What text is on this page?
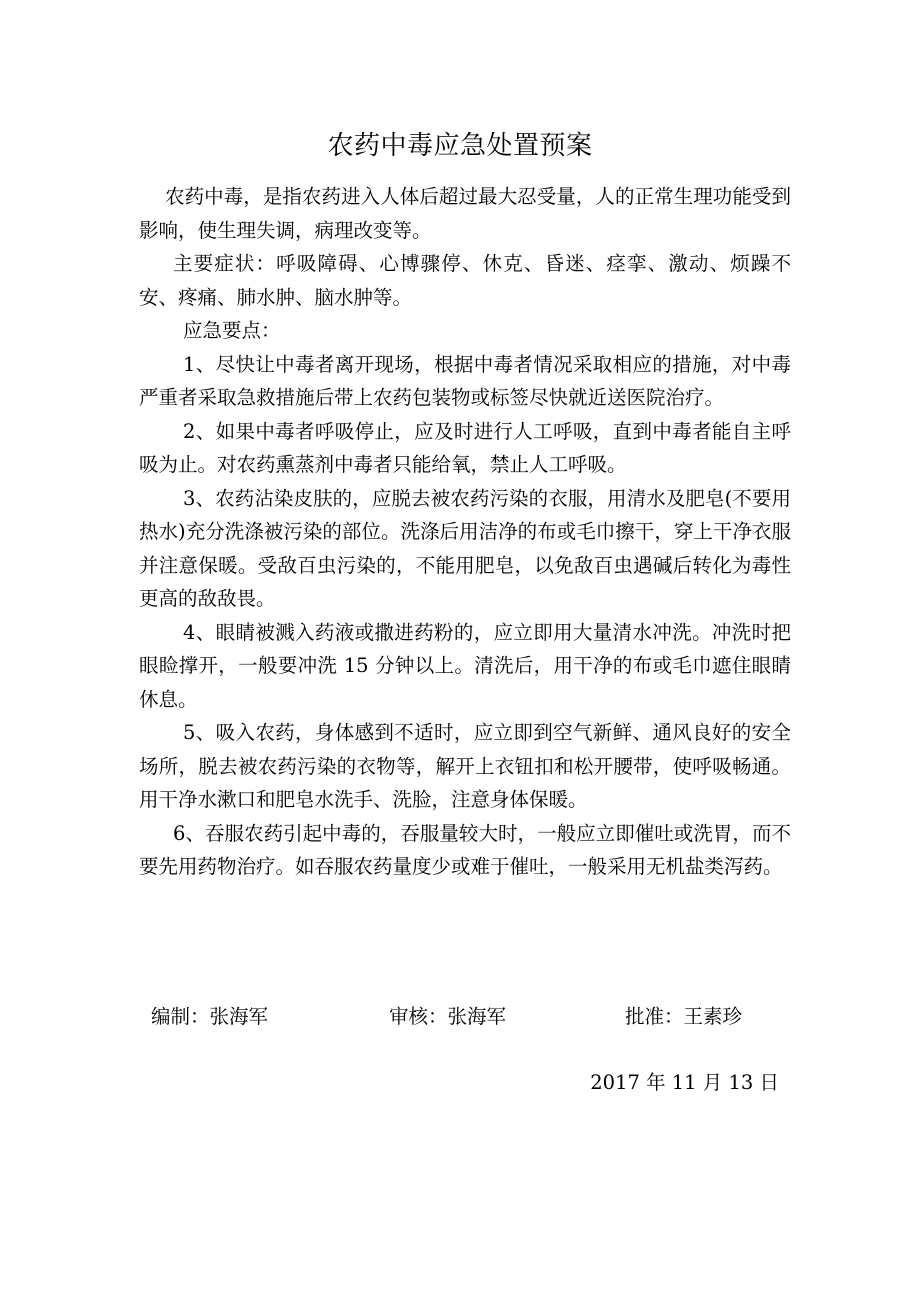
农药中毒应急处置预案

农药中毒，是指农药进入人体后超过最大忍受量，人的正常生理功能受到影响，使生理失调，病理改变等。

主要症状：呼吸障碍、心博骤停、休克、昏迷、痉挛、激动、烦躁不安、疼痛、肺水肿、脑水肿等。

应急要点：

1、尽快让中毒者离开现场，根据中毒者情况采取相应的措施，对中毒严重者采取急救措施后带上农药包装物或标签尽快就近送医院治疗。

2、如果中毒者呼吸停止，应及时进行人工呼吸，直到中毒者能自主呼吸为止。对农药熏蒸剂中毒者只能给氧，禁止人工呼吸。

3、农药沾染皮肤的，应脱去被农药污染的衣服，用清水及肥皂(不要用热水)充分洗涤被污染的部位。洗涤后用洁净的布或毛巾擦干，穿上干净衣服并注意保暖。受敌百虫污染的，不能用肥皂，以免敌百虫遇碱后转化为毒性更高的敌敌畏。

4、眼睛被溅入药液或撒进药粉的，应立即用大量清水冲洗。冲洗时把眼睑撑开，一般要冲洗 15 分钟以上。清洗后，用干净的布或毛巾遮住眼睛休息。

5、吸入农药，身体感到不适时，应立即到空气新鲜、通风良好的安全场所，脱去被农药污染的衣物等，解开上衣钮扣和松开腰带，使呼吸畅通。用干净水漱口和肥皂水洗手、洗脸，注意身体保暖。

6、吞服农药引起中毒的，吞服量较大时，一般应立即催吐或洗胃，而不要先用药物治疗。如吞服农药量度少或难于催吐，一般采用无机盐类泻药。

编制：张海军	审核：张海军	批准：王素珍
2017 年 11 月 13 日
